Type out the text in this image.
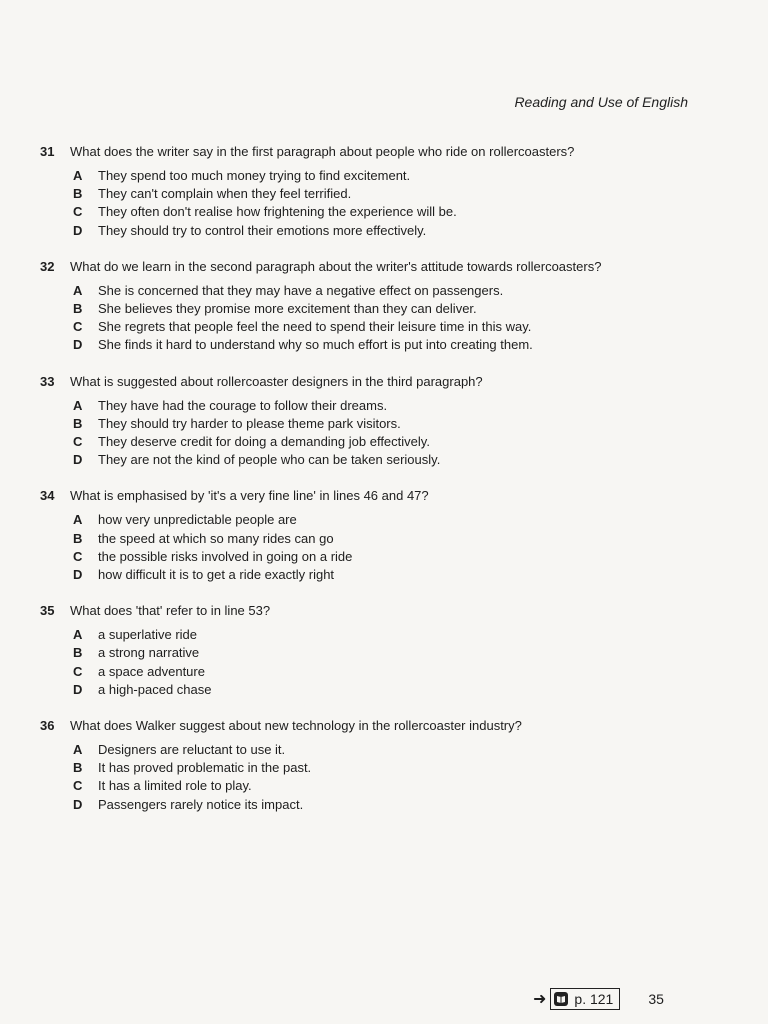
Reading and Use of English
31	What does the writer say in the first paragraph about people who ride on rollercoasters?
A	They spend too much money trying to find excitement.
B	They can't complain when they feel terrified.
C	They often don't realise how frightening the experience will be.
D	They should try to control their emotions more effectively.
32	What do we learn in the second paragraph about the writer's attitude towards rollercoasters?
A	She is concerned that they may have a negative effect on passengers.
B	She believes they promise more excitement than they can deliver.
C	She regrets that people feel the need to spend their leisure time in this way.
D	She finds it hard to understand why so much effort is put into creating them.
33	What is suggested about rollercoaster designers in the third paragraph?
A	They have had the courage to follow their dreams.
B	They should try harder to please theme park visitors.
C	They deserve credit for doing a demanding job effectively.
D	They are not the kind of people who can be taken seriously.
34	What is emphasised by 'it's a very fine line' in lines 46 and 47?
A	how very unpredictable people are
B	the speed at which so many rides can go
C	the possible risks involved in going on a ride
D	how difficult it is to get a ride exactly right
35	What does 'that' refer to in line 53?
A	a superlative ride
B	a strong narrative
C	a space adventure
D	a high-paced chase
36	What does Walker suggest about new technology in the rollercoaster industry?
A	Designers are reluctant to use it.
B	It has proved problematic in the past.
C	It has a limited role to play.
D	Passengers rarely notice its impact.
➜ p. 121	35
